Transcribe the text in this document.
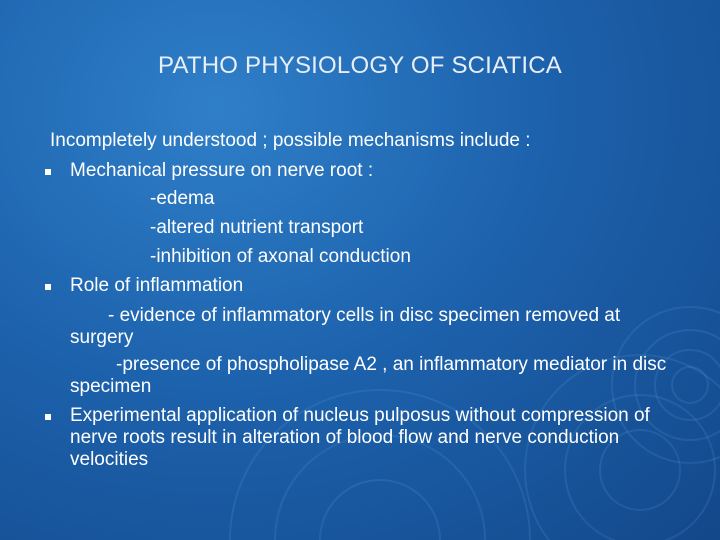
PATHO PHYSIOLOGY OF SCIATICA
Incompletely understood ; possible mechanisms include :
Mechanical pressure on nerve root :
-edema
-altered nutrient transport
-inhibition of axonal conduction
Role of inflammation
- evidence of inflammatory cells in disc specimen removed at surgery
-presence of phospholipase A2 , an inflammatory mediator in disc specimen
Experimental application of nucleus pulposus without compression of nerve roots result in alteration of blood flow and nerve conduction velocities
